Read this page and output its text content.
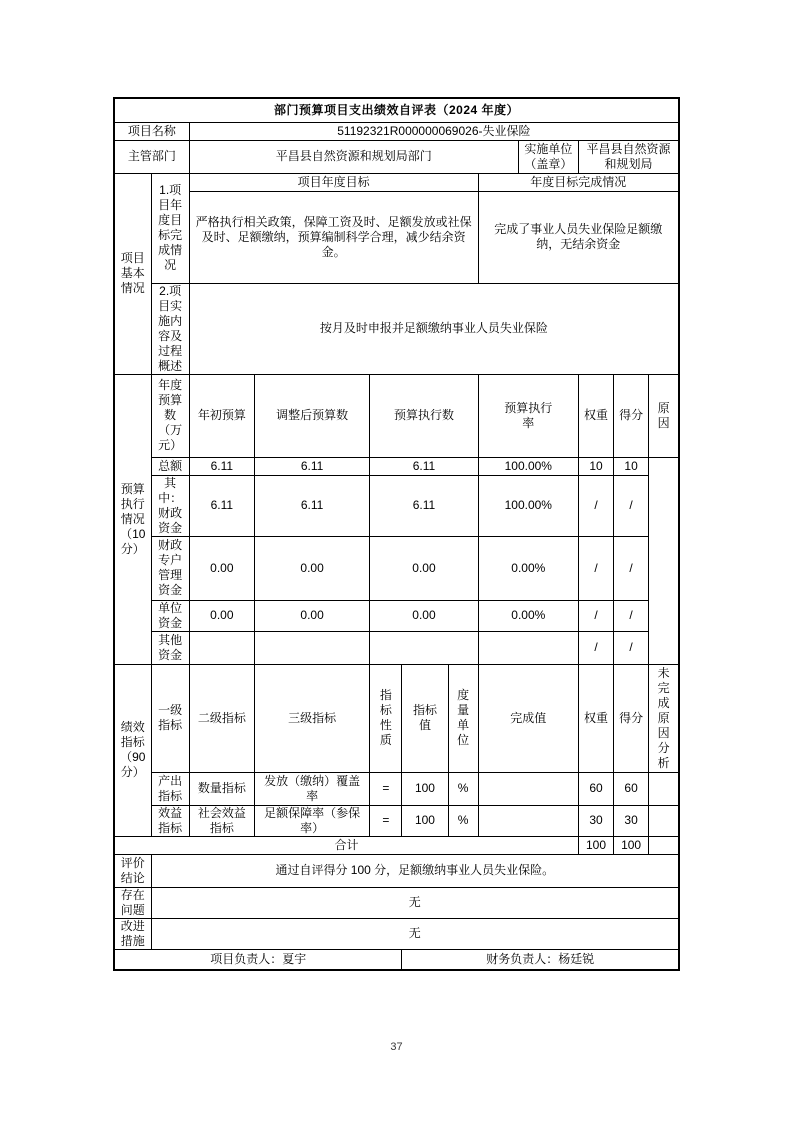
部门预算项目支出绩效自评表（2024 年度）											
项目名称		51192321R000000069026-失业保险									
主管部门		平昌县自然资源和规划局部门						实施单位（盖章）	平昌县自然资源和规划局		
项目基本情况	1.项目年度目标完成情况	项目年度目标					年度目标完成情况				
		严格执行相关政策，保障工资及时、足额发放或社保及时、足额缴纳，预算编制科学合理，减少结余资金。					完成了事业人员失业保险足额缴纳，无结余资金				
	2.项目实施内容及过程概述	按月及时申报并足额缴纳事业人员失业保险									
预算执行情况（10分）	年度预算数（万元）	年初预算	调整后预算数	预算执行数			预算执行率		权重	得分	原因
	总额	6.11	6.11	6.11			100.00%		10	10	
	其中：财政资金	6.11	6.11	6.11			100.00%		/	/	
	财政专户管理资金	0.00	0.00	0.00			0.00%		/	/	
	单位资金	0.00	0.00	0.00			0.00%		/	/	
	其他资金								/	/	
绩效指标（90分）	一级指标	二级指标	三级指标	指标性质	指标值	度量单位	完成值		权重	得分	未完成原因分析
	产出指标	数量指标	发放（缴纳）覆盖率	=	100	%			60	60	
	效益指标	社会效益指标	足额保障率（参保率）	=	100	%			30	30	
合计									100	100	
评价结论	通过自评得分 100 分，足额缴纳事业人员失业保险。										
存在问题	无										
改进措施	无										
项目负责人：夏宇					财务负责人：杨廷锐						
37
